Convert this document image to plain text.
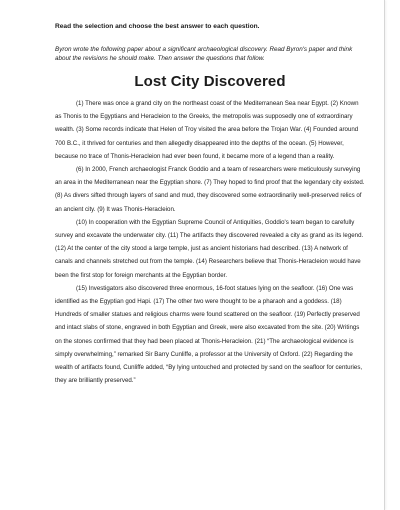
Read the selection and choose the best answer to each question.

Byron wrote the following paper about a significant archaeological discovery. Read Byron's paper and think about the revisions he should make. Then answer the questions that follow.

Lost City Discovered

(1) There was once a grand city on the northeast coast of the Mediterranean Sea near Egypt. (2) Known as Thonis to the Egyptians and Heracleion to the Greeks, the metropolis was supposedly one of extraordinary wealth. (3) Some records indicate that Helen of Troy visited the area before the Trojan War. (4) Founded around 700 B.C., it thrived for centuries and then allegedly disappeared into the depths of the ocean. (5) However, because no trace of Thonis-Heracleion had ever been found, it became more of a legend than a reality.

(6) In 2000, French archaeologist Franck Goddio and a team of researchers were meticulously surveying an area in the Mediterranean near the Egyptian shore. (7) They hoped to find proof that the legendary city existed. (8) As divers sifted through layers of sand and mud, they discovered some extraordinarily well-preserved relics of an ancient city. (9) It was Thonis-Heracleion.

(10) In cooperation with the Egyptian Supreme Council of Antiquities, Goddio's team began to carefully survey and excavate the underwater city. (11) The artifacts they discovered revealed a city as grand as its legend. (12) At the center of the city stood a large temple, just as ancient historians had described. (13) A network of canals and channels stretched out from the temple. (14) Researchers believe that Thonis-Heracleion would have been the first stop for foreign merchants at the Egyptian border.

(15) Investigators also discovered three enormous, 16-foot statues lying on the seafloor. (16) One was identified as the Egyptian god Hapi. (17) The other two were thought to be a pharaoh and a goddess. (18) Hundreds of smaller statues and religious charms were found scattered on the seafloor. (19) Perfectly preserved and intact slabs of stone, engraved in both Egyptian and Greek, were also excavated from the site. (20) Writings on the stones confirmed that they had been placed at Thonis-Heracleion. (21) “The archaeological evidence is simply overwhelming,” remarked Sir Barry Cunliffe, a professor at the University of Oxford. (22) Regarding the wealth of artifacts found, Cunliffe added, “By lying untouched and protected by sand on the seafloor for centuries, they are brilliantly preserved.”
